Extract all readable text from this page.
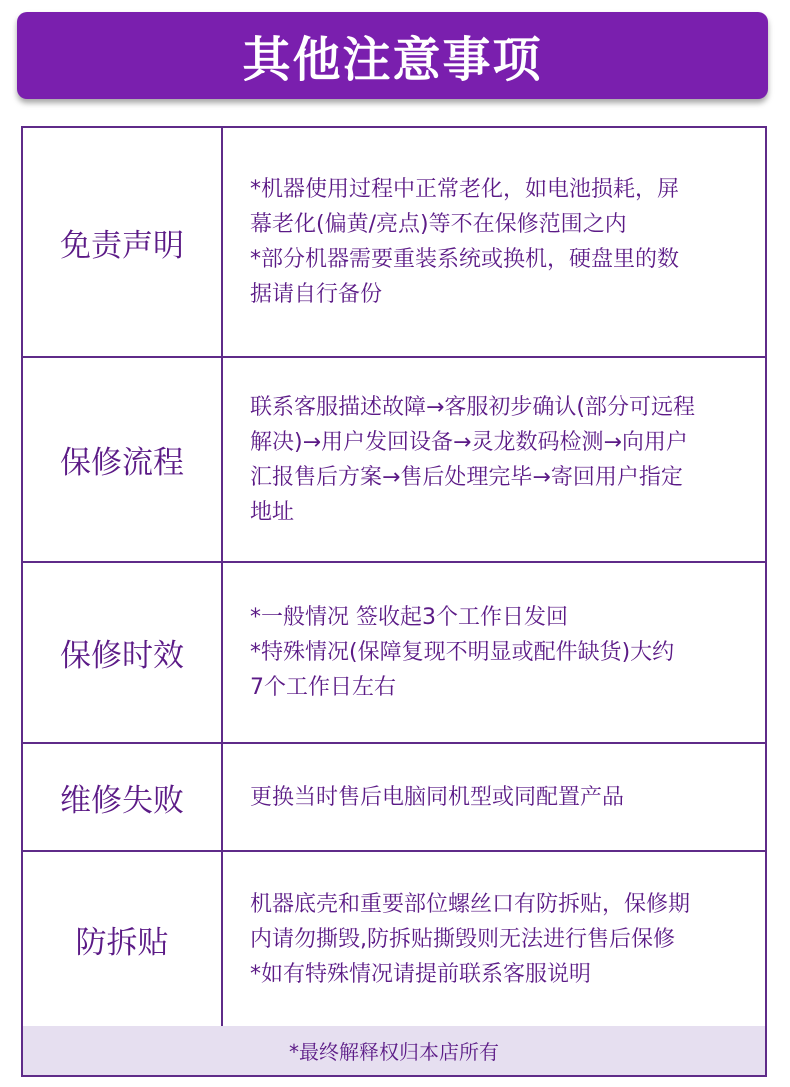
其他注意事项
免责声明
*机器使用过程中正常老化，如电池损耗，屏
幕老化(偏黄/亮点)等不在保修范围之内
*部分机器需要重装系统或换机，硬盘里的数
据请自行备份
保修流程
联系客服描述故障→客服初步确认(部分可远程
解决)→用户发回设备→灵龙数码检测→向用户
汇报售后方案→售后处理完毕→寄回用户指定
地址
保修时效
*一般情况 签收起3个工作日发回
*特殊情况(保障复现不明显或配件缺货)大约
7个工作日左右
维修失败	更换当时售后电脑同机型或同配置产品
防拆贴
机器底壳和重要部位螺丝口有防拆贴，保修期
内请勿撕毁,防拆贴撕毁则无法进行售后保修
*如有特殊情况请提前联系客服说明
*最终解释权归本店所有
